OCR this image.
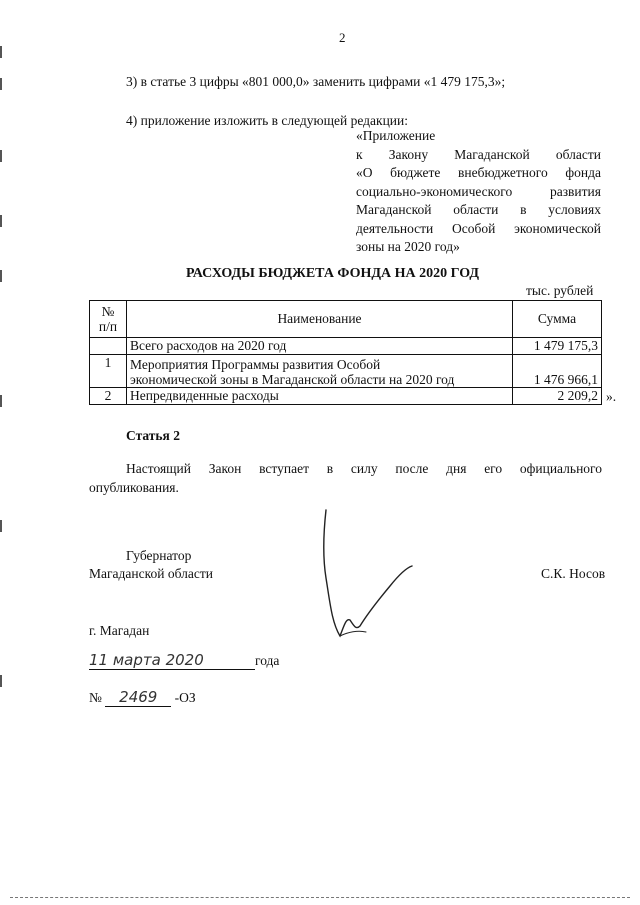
2
3) в статье 3 цифры «801 000,0» заменить цифрами «1 479 175,3»;
4) приложение изложить в следующей редакции:
«Приложение
к Закону Магаданской области
«О бюджете внебюджетного фонда
социально-экономического развития
Магаданской области в условиях
деятельности Особой экономической
зоны на 2020 год»
РАСХОДЫ БЮДЖЕТА ФОНДА НА 2020 ГОД
тыс. рублей
№
п/п	Наименование	Сумма
	Всего расходов на 2020 год	1 479 175,3
1	Мероприятия Программы развития Особой
экономической зоны в Магаданской области на 2020 год	1 476 966,1
2	Непредвиденные расходы	2 209,2 ».
Статья 2
Настоящий Закон вступает в силу после дня его официального
опубликования.
Губернатор
Магаданской области	С.К. Носов
г. Магадан
11 марта 2020	года
№ 2469 -ОЗ
